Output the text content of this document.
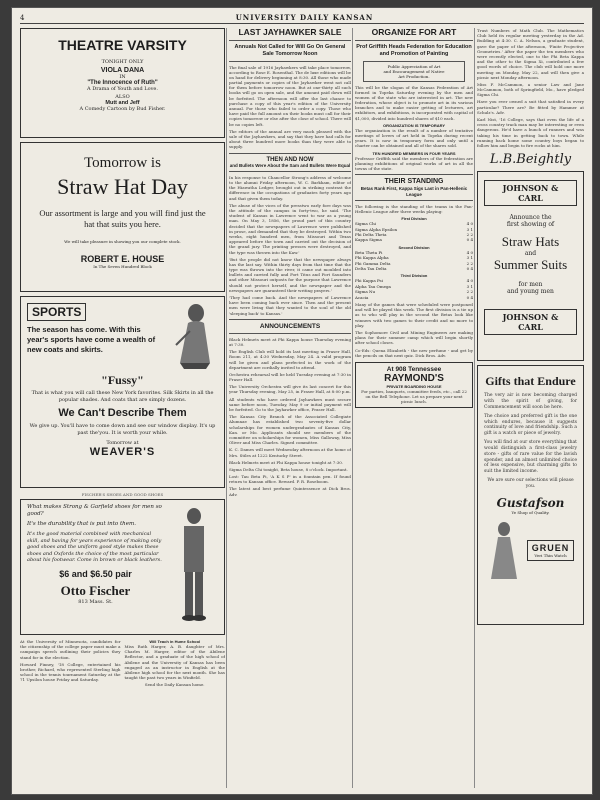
4	UNIVERSITY DAILY KANSAN
THEATRE VARSITY
TONIGHT ONLY
VIOLA DANA
IN
"The Innocence of Ruth"
A Drama of Youth and Love.
ALSO
Mutt and Jeff
A Comedy Cartoon by Bud Fisher.
Tomorrow is
Straw Hat Day
Our assortment is large and you will find just the hat that suits you here.
We will take pleasure in showing you our complete stock.
ROBERT E. HOUSE
In The Seven Hundred Block
SPORTS
The season has come. With this year's sports have come a wealth of new coats and skirts.
"Fussy"
That is what you will call these New York favorites. Silk Skirts in all the popular shades. And coats that are simply dozens.
We Can't Describe Them
We give up. You'll have to come down and see our window display. It's up past the'you. It is worth your while.
Tomorrow at
WEAVER'S
FISCHER'S SHOES AND GOOD SHOES
What makes Strong & Garfield shoes for men so good?
It's the durability that is put into them.
It's the good material combined with mechanical skill, and having for years experience of making only good shoes and the uniform good style makes these shoes and Oxfords the choice of the most particular about his footwear. Come in brown or black leathers.
$6 and $6.50 pair
Otto Fischer
813 Mass. St.
At the University of Minnesota, candidates for the citizenship of the college paper must make a campaign speech outlining their policies they stand for in the election.
Howard Finney, '18 College, entertained his brother, Richard, who represented Sterling high school in the tennis tournament Saturday at the 71 Upsilon house Friday and Saturday.
Will Teach in Hume School
Miss Ruth Harger, A. B. daughter of Mrs. Charles M. Harger, editor of the Abilene Reflector, and a graduate of the high school of Abilene and the University of Kansas has been engaged as an instructor in English at the Abilene high school for the next month. She has taught the past two years in Winfield.
Send the Daily Kansan home.
LAST JAYHAWKER SALE
Annuals Not Called for Will Go On General Sale Tomorrow Noon
The final sale of 1916 Jayhawkers will take place tomorrow, according to Rose E. Rosenthal. The de luxe editions will be on hand for delivery beginning at 8:30. All those who made partial payments or copies of the Jayhawker went not call for them before tomorrow noon. But at one-thirty all such books will go on open sale, and the amount paid down will be forfeited. The afternoon will offer the last chance to purchase a copy of this year's edition of the University annual. For those who failed to order a copy. Those who have paid the full amount on their books must call for their copies tomorrow or else after the close of school. There will be no copies left.
The editors of the annual are very much pleased with the sale of the Jayhawkers, and say that they have had calls for about three hundred more books than they were able to supply.
THEN AND NOW
and Bullets Were About the Sam and Bullets Were Equal
In his response to Chancellor Strong's address of welcome to the alumni Friday afternoon, W. C. Barkham, editor of the Hiawatha Ledger, brought out in striking contrast the difference in the occupations of graduates forty years ago and that given them today.
The abuse of the vices of the presstwo early fore days was the attitude of the campus in forty-two, he said. 'The student of Kansas in Lawrence went to war as a young man. On May 3, 1856, the proud part of this country decided that the newspapers of Lawrence were published in prose, and demanded that they be destroyed. Within two weeks, eight hundred men, from Missouri and Texas appeared before the town and carried out the decision of the grand jury. The printing presses were destroyed, and the type was thrown into the Kaw.'
'But the people did not know that the newspaper always has the last say. Within thirty days from that time that the type was thrown into the river, it came out moulded into bullets and carried fully and Fort Titus and Fort Saunders and other Missouri outposts for the purpose that Lawrence should not protect herself, and the newspaper and the newspapers are guaranteed their writing prayers.'
'They had come back. And the newspapers of Lawrence have been coming back ever since. Then and the present men were living that they wanted to the soul of the old 'sleeping back' to Kansas.'
ANNOUNCEMENTS
Black Helmets meet at Phi Kappa house Thursday evening at 7:30.
The English Club will hold its last meeting in Fraser Hall, Room 211, at 4:30 Wednesday, May 24. A valid program will be given and plans perfected in the work of the department are cordially invited to attend.
Orchestra rehearsal will be held Tuesday evening at 7:30 in Fraser Hall.
The University Orchestra will give its last concert for this year Thursday evening, May 25, in Fraser Hall, at 8:00 p.m.
All students who have ordered Jayhawkers must secure same before noon, Tuesday, May 9 or initial payment will be forfeited. Go to the Jayhawker office, Fraser Hall.
The Kansas City Branch of the Associated Collegiate Alumnae has established two seventy-five dollar scholarships for women undergraduates of Kansas City, Kan. or Mo. Applicants should see members of the committee on scholarships for women, Miss Galloway, Miss Oliver and Miss Charles. Signed committee.
K. C. Dames will meet Wednesday afternoon at the home of Mrs. Stiles at 1222 Kentucky Street.
Black Helmets meet at Phi Kappa house tonight at 7:30.
Sigma Delta Chi tonight, Beta house, 8 o'clock. Important.
Lost: Tau Beta Pi, 'A K S P' in a fountain pen. If found return to Kansan office. Reward. P. R. Roseboom.
The latest and best perfume Quintessence at Dick Bros. Adv.
ORGANIZE FOR ART
Prof Griffith Heads Federation for Education and Promotion of Painting
Public Appreciation of Art
and Encouragement of Native
Art Production.
This will be the slogan of the Kansas Federation of Art formed in Topeka Saturday evening by the men and women of the state who are interested in art. The new federation, whose object is to promote art in its various branches and to make easier getting of lecturers, art exhibitors, and exhibitions, is incorporated with capital of $1,000, divided into hundred shares of $10 each.
ORGANIZATION IS TEMPORARY
The organization is the result of a number of tentative meetings of lovers of art held in Topeka during recent years. It is now in temporary form and only until a charter can be obtained and all of the shares sold.
TEN HUNDRED MEMBERS IN FOUR YEARS
Professor Griffith said the members of the federation are planning exhibitions of original works of art in all the towns of the state.
THEIR STANDING
Betas Rank First, Kappa Sigs Last in Pan-Hellenic League
The following is the standing of the teams in the Pan-Hellenic League after three weeks playing:
First Division
Sigma Chi	4 0
Sigma Alpha Epsilon	3 1
Phi Delta Theta	2 2
Kappa Sigma	0 4
Second Division
Beta Theta Pi	4 0
Phi Kappa Alpha	3 1
Phi Gamma Delta	2 2
Delta Tau Delta	0 4
Third Division
Phi Kappa Psi	4 0
Alpha Tau Omega	3 1
Sigma Nu	2 2
Acacia	0 4
Many of the games that were scheduled were postponed and will be played this week. The first division is a tie up as to who will play in the second the Betas look like winners with two games to their credit and no more to play.
The Sophomore Civil and Mining Engineers are making plans for their summer camp which will begin shortly after school closes.
Co-Eds: Quena Elizabeth - the new perfume - and get by the pencils on that next quiz. Dick Bros. Adv.
At 908 Tennessee
RAYMOND'S
PRIVATE BOARDING HOUSE
For parties, banquets, committee feeds, etc., call 22 on the Bell Telephone. Let us prepare your next picnic lunch.
Trust Numbers of Math Club. The Mathematics Club held its regular meeting yesterday in the Ad. Building at 4:30. C. A. Nelson, a graduate student, gave the paper of the afternoon, 'Finite Projective Geometries.' After the paper the ten members who were recently elected, one to the Phi Beta Kappa and the other to the Sigma Xi, contributed a few good words of choice. The club will hold one more meeting on Monday, May 22, and will then give a picnic next Monday afternoon.
Miss F. McCammon, a senior Law and Jane McCammon, both of Springfield, Mo., have pledged Sigma Chi.
Have you ever owned a suit that satisfied in every particular? There are? Be fitted by Hammer at Schulz's. Adv.
Karl Nist, '16 College, says that even the life of a cross country track man may be interesting or even dangerous. He'd have a bunch of runners and was taking his time in getting back to town. While running back home some country boys began to follow him and begin to fire rocks at him.
L.B.Beightly
JOHNSON & CARL
Announce the
first showing of
Straw Hats
and
Summer Suits
for men
and young men
JOHNSON & CARL
Gifts that Endure
The very air is now becoming charged with the spirit of giving, for Commencement will soon be here.
The choice and preferred gift is the one which endures, because it suggests continuity of love and friendship. Such a gift is a watch or piece of jewelry.
You will find at our store everything that would distinguish a first-class jewelry store - gifts of rare value for the lavish spender, and an almost unlimited choice of less expensive, but charming gifts to suit the limited income.
We are sure our selections will please you.
Gustafson
Ye Shop of Quality.
GRUEN
Veri Thin Watch
